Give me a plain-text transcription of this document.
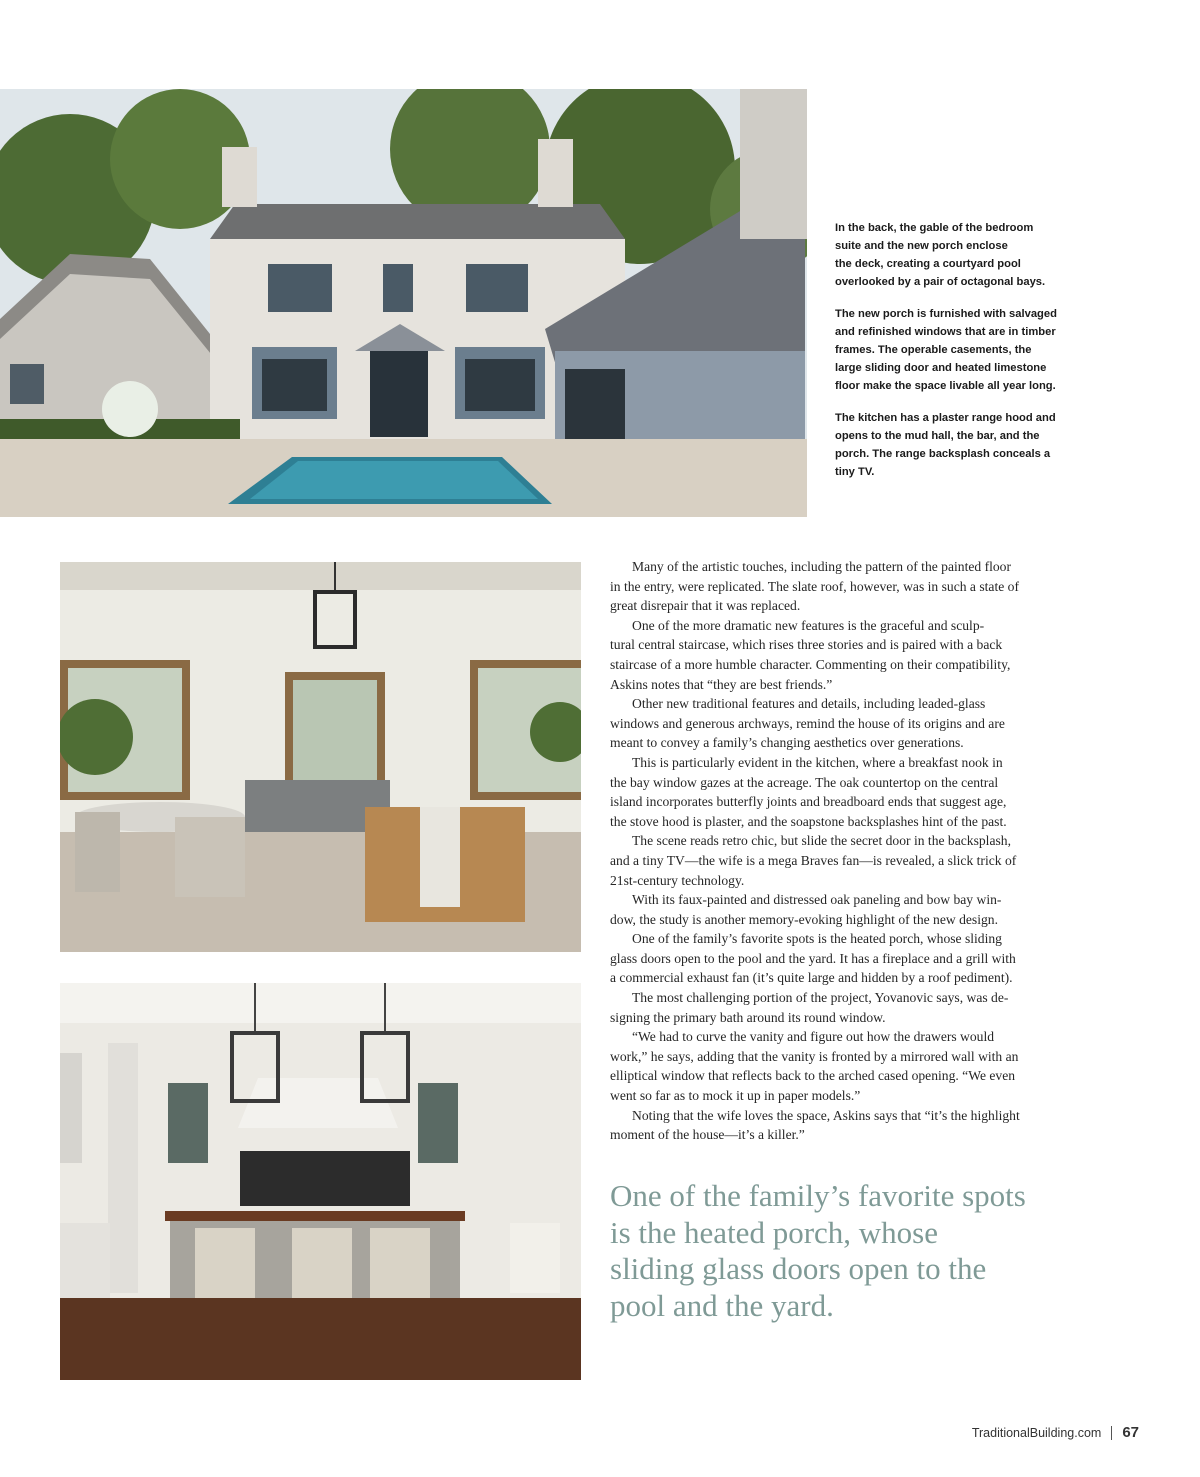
In the back, the gable of the bedroom
suite and the new porch enclose
the deck, creating a courtyard pool
overlooked by a pair of octagonal bays.

The new porch is furnished with salvaged
and refinished windows that are in timber
frames. The operable casements, the
large sliding door and heated limestone
floor make the space livable all year long.

The kitchen has a plaster range hood and
opens to the mud hall, the bar, and the
porch. The range backsplash conceals a
tiny TV.

Many of the artistic touches, including the pattern of the painted floor
in the entry, were replicated. The slate roof, however, was in such a state of
great disrepair that it was replaced.

One of the more dramatic new features is the graceful and sculp-
tural central staircase, which rises three stories and is paired with a back
staircase of a more humble character. Commenting on their compatibility,
Askins notes that “they are best friends.”

Other new traditional features and details, including leaded-glass
windows and generous archways, remind the house of its origins and are
meant to convey a family’s changing aesthetics over generations.

This is particularly evident in the kitchen, where a breakfast nook in
the bay window gazes at the acreage. The oak countertop on the central
island incorporates butterfly joints and breadboard ends that suggest age,
the stove hood is plaster, and the soapstone backsplashes hint of the past.

The scene reads retro chic, but slide the secret door in the backsplash,
and a tiny TV—the wife is a mega Braves fan—is revealed, a slick trick of
21st-century technology.

With its faux-painted and distressed oak paneling and bow bay win-
dow, the study is another memory-evoking highlight of the new design.

One of the family’s favorite spots is the heated porch, whose sliding
glass doors open to the pool and the yard. It has a fireplace and a grill with
a commercial exhaust fan (it’s quite large and hidden by a roof pediment).

The most challenging portion of the project, Yovanovic says, was de-
signing the primary bath around its round window.

“We had to curve the vanity and figure out how the drawers would
work,” he says, adding that the vanity is fronted by a mirrored wall with an
elliptical window that reflects back to the arched cased opening. “We even
went so far as to mock it up in paper models.”

Noting that the wife loves the space, Askins says that “it’s the highlight
moment of the house—it’s a killer.”

One of the family’s favorite spots
is the heated porch, whose
sliding glass doors open to the
pool and the yard.
TraditionalBuilding.com 67
